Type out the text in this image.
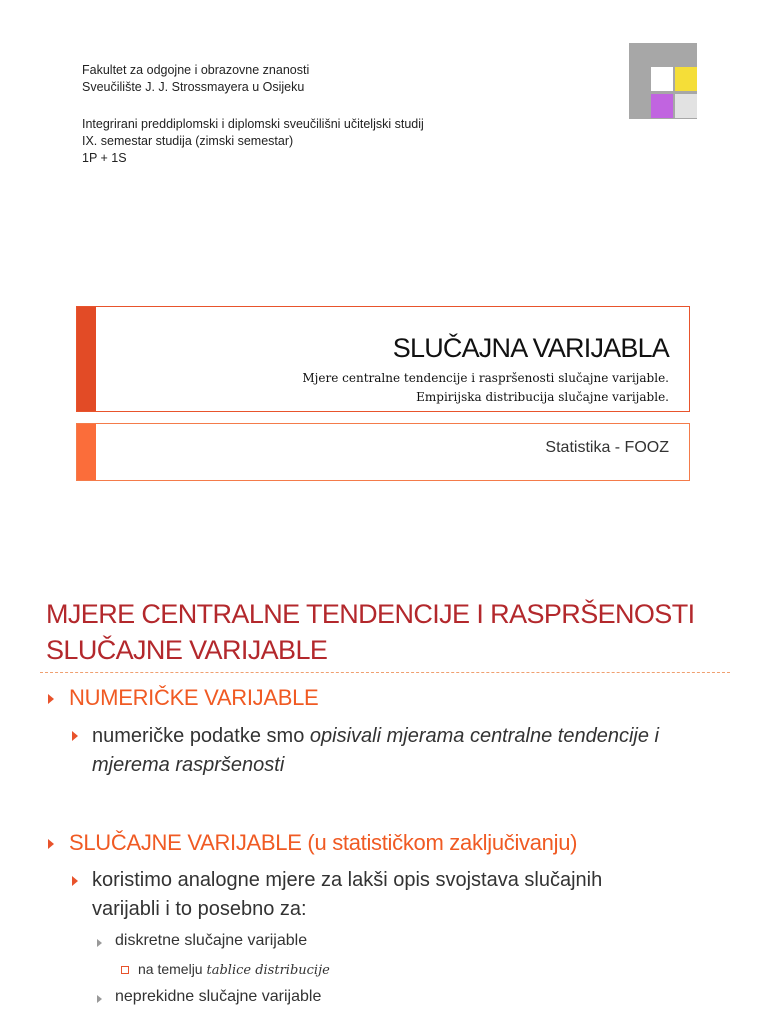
Fakultet za odgojne i obrazovne znanosti
Sveučilište J. J. Strossmayera u Osijeku
Integrirani preddiplomski i diplomski sveučilišni učiteljski studij
IX. semestar studija (zimski semestar)
1P + 1S
SLUČAJNA VARIJABLA
Mjere centralne tendencije i raspršenosti slučajne varijable.
Empirijska distribucija slučajne varijable.
Statistika - FOOZ
MJERE CENTRALNE TENDENCIJE I RASPRŠENOSTI
SLUČAJNE VARIJABLE
NUMERIČKE VARIJABLE
numeričke podatke smo opisivali mjerama centralne tendencije i
mjerema raspršenosti
SLUČAJNE VARIJABLE (u statističkom zaključivanju)
koristimo analogne mjere za lakši opis svojstava slučajnih
varijabli i to posebno za:
diskretne slučajne varijable
na temelju tablice distribucije
neprekidne slučajne varijable
